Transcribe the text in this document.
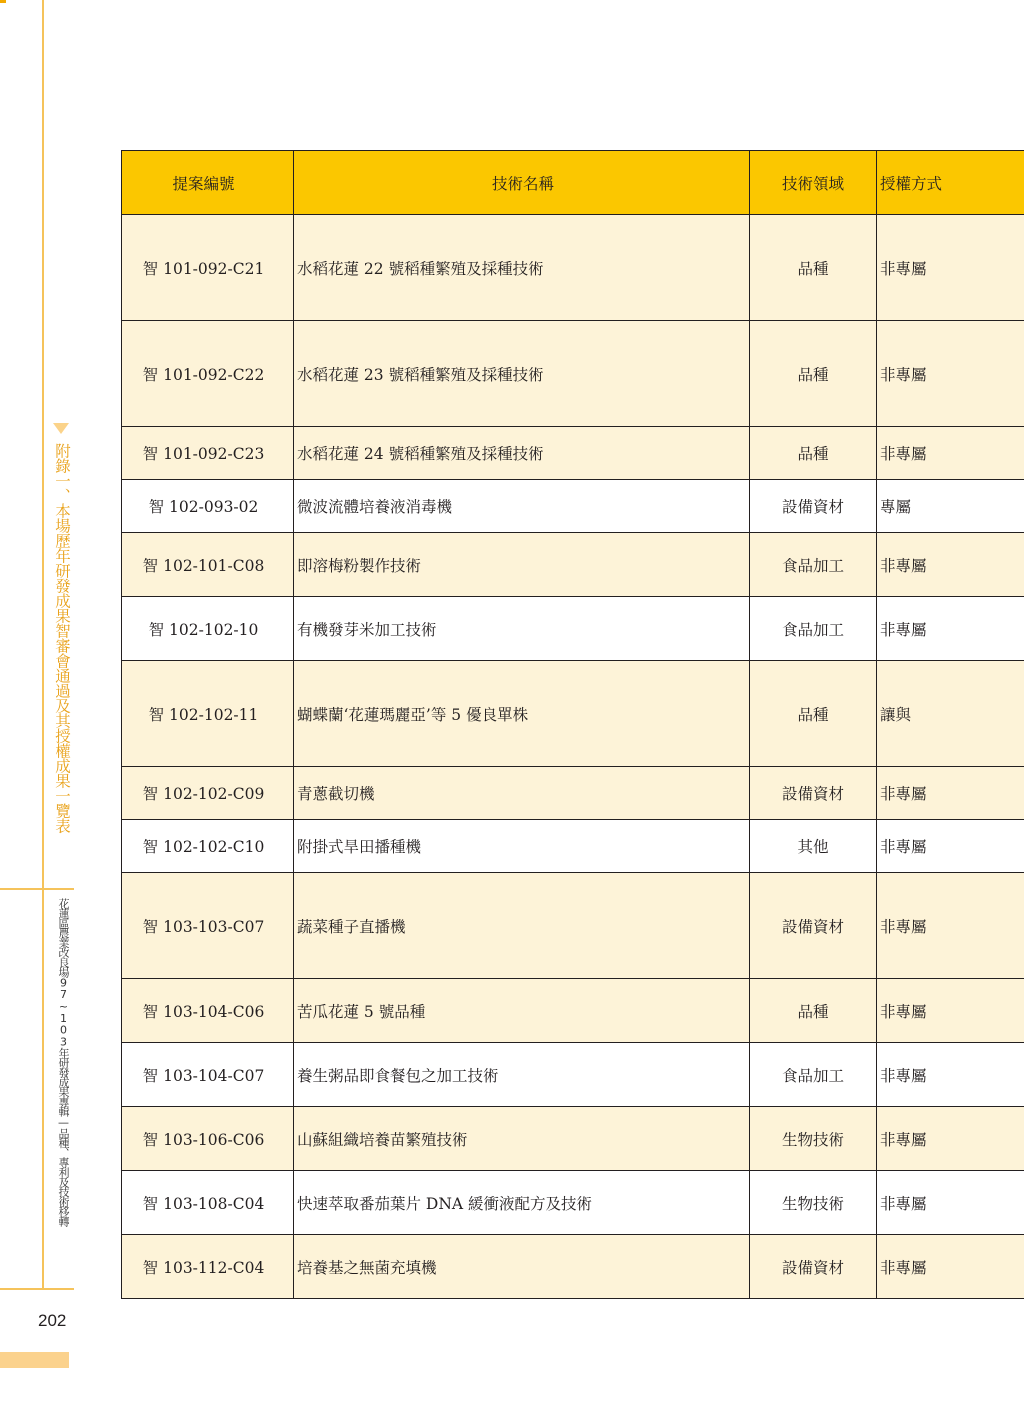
附錄一、本場歷年研發成果智審會通過及其授權成果一覽表
花蓮區農業改良場97~103年研發成果專輯—品種、專利及技術移轉
202
提案編號	技術名稱	技術領域	授權方式
智 101-092-C21	水稻花蓮 22 號稻種繁殖及採種技術	品種	非專屬
智 101-092-C22	水稻花蓮 23 號稻種繁殖及採種技術	品種	非專屬
智 101-092-C23	水稻花蓮 24 號稻種繁殖及採種技術	品種	非專屬
智 102-093-02	微波流體培養液消毒機	設備資材	專屬
智 102-101-C08	即溶梅粉製作技術	食品加工	非專屬
智 102-102-10	有機發芽米加工技術	食品加工	非專屬
智 102-102-11	蝴蝶蘭‘花蓮瑪麗亞’等 5 優良單株	品種	讓與
智 102-102-C09	青蔥截切機	設備資材	非專屬
智 102-102-C10	附掛式旱田播種機	其他	非專屬
智 103-103-C07	蔬菜種子直播機	設備資材	非專屬
智 103-104-C06	苦瓜花蓮 5 號品種	品種	非專屬
智 103-104-C07	養生粥品即食餐包之加工技術	食品加工	非專屬
智 103-106-C06	山蘇組織培養苗繁殖技術	生物技術	非專屬
智 103-108-C04	快速萃取番茄葉片 DNA 緩衝液配方及技術	生物技術	非專屬
智 103-112-C04	培養基之無菌充填機	設備資材	非專屬
